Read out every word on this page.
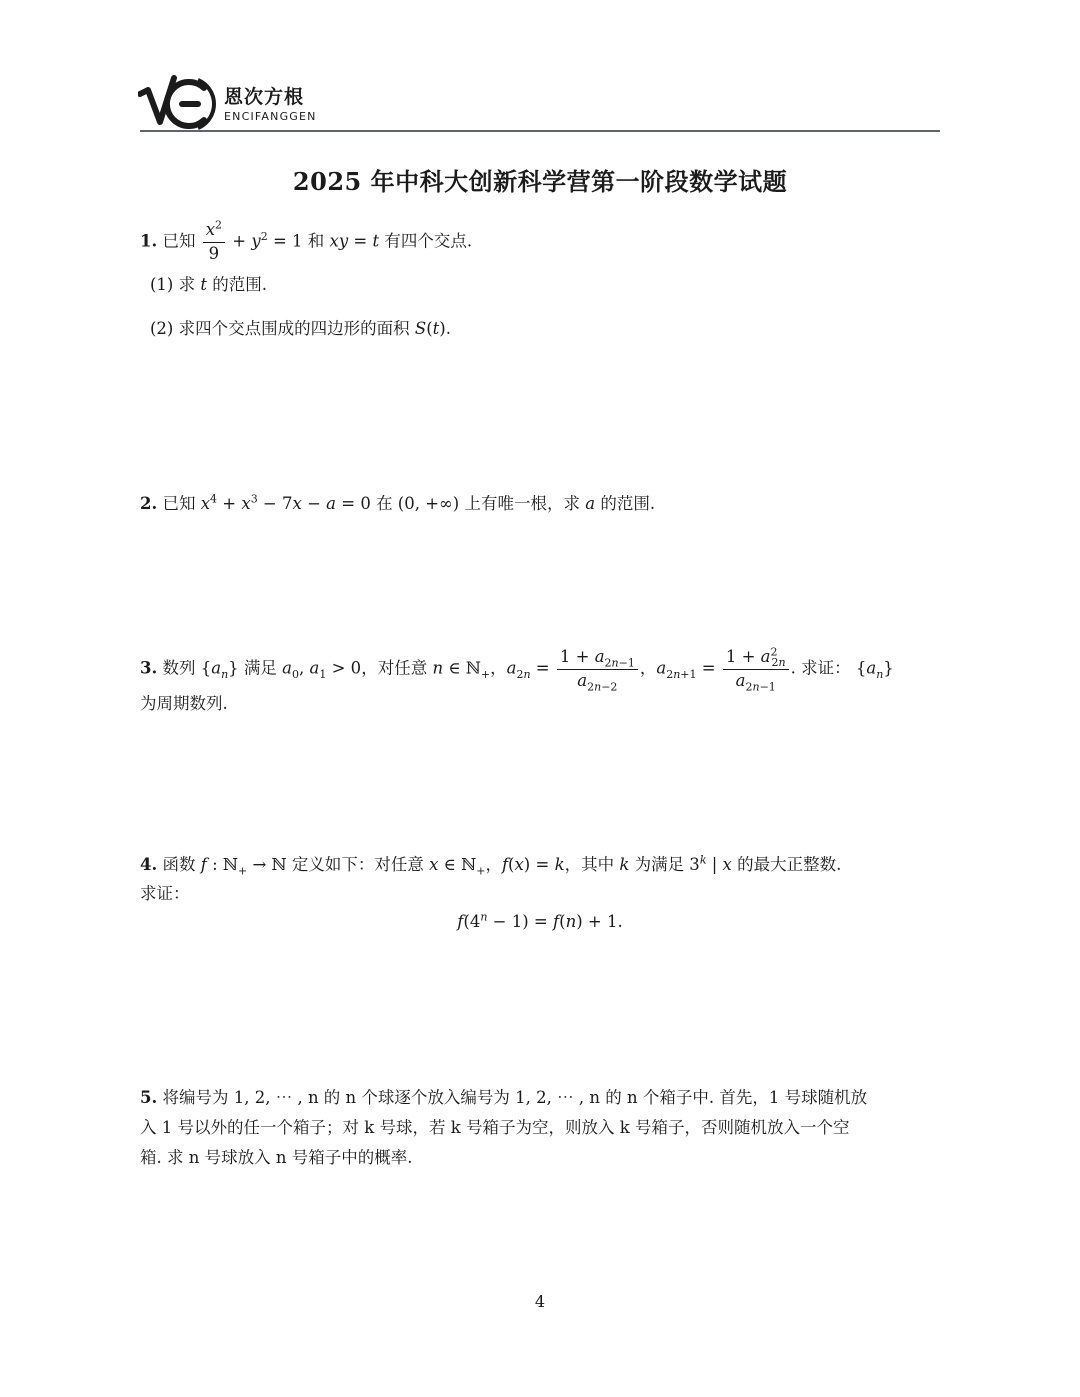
恩次方根
ENCIFANGGEN
2025 年中科大创新科学营第一阶段数学试题
1. 已知 $\frac{x^2}{9} + y^2 = 1$ 和 xy = t 有四个交点.
(1) 求 t 的范围.
(2) 求四个交点围成的四边形的面积 S(t).
2. 已知 $x^4 + x^3 - 7x - a = 0$ 在 (0, +∞) 上有唯一根，求 a 的范围.
3. 数列 $\{a_n\}$ 满足 $a_0$, $a_1 > 0$，对任意 n ∈ ℕ$_+$，$a_{2n} = \frac{1 + a_{2n-1}}{a_{2n-2}}$ ，$a_{2n+1} = \frac{1 + a^2_{2n}}{a_{2n-1}}$ . 求证： $\{a_n\}$
为周期数列.
4. 函数 f : ℕ$_+$ → ℕ 定义如下：对任意 x ∈ ℕ$_+$，f(x) = k，其中 k 为满足 3$^k$ | x 的最大正整数.
求证：
$f(4^n - 1) = f(n) + 1$.
5. 将编号为 1, 2, ⋯ , n 的 n 个球逐个放入编号为 1, 2, ⋯ , n 的 n 个箱子中. 首先，1 号球随机放
入 1 号以外的任一个箱子；对 k 号球，若 k 号箱子为空，则放入 k 号箱子，否则随机放入一个空
箱. 求 n 号球放入 n 号箱子中的概率.
4
